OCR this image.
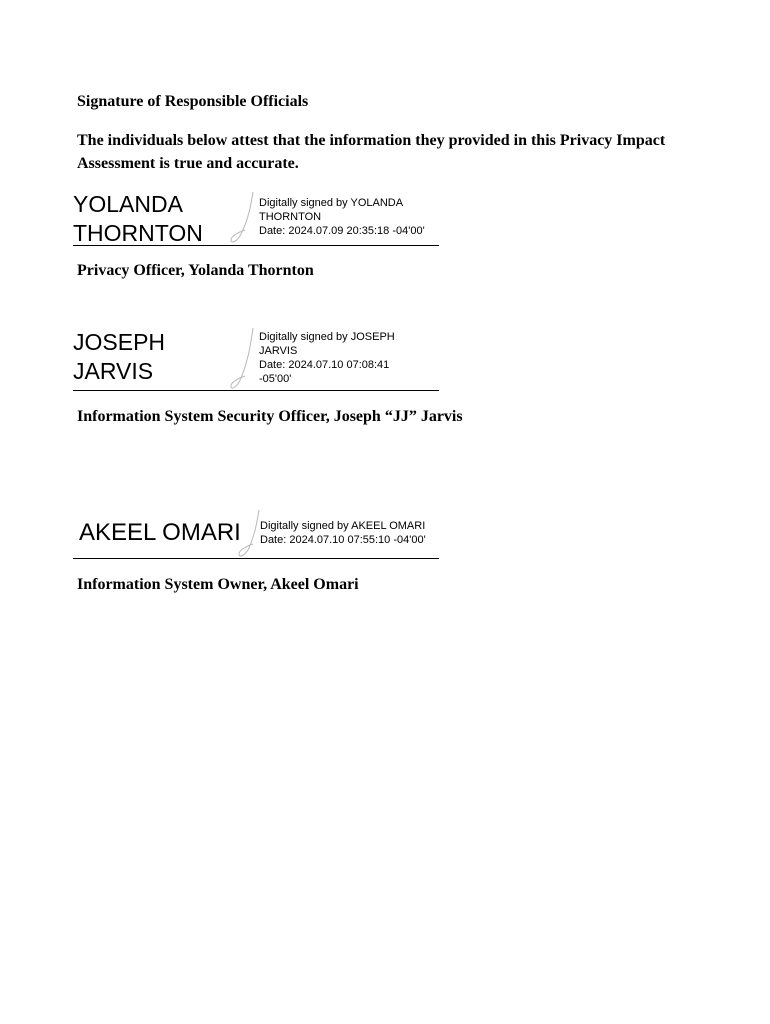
Signature of Responsible Officials
The individuals below attest that the information they provided in this Privacy Impact Assessment is true and accurate.
YOLANDA
THORNTON
Digitally signed by YOLANDA
THORNTON
Date: 2024.07.09 20:35:18 -04'00'
Privacy Officer, Yolanda Thornton
JOSEPH
JARVIS
Digitally signed by JOSEPH
JARVIS
Date: 2024.07.10 07:08:41
-05'00'
Information System Security Officer, Joseph “JJ” Jarvis
AKEEL OMARI Digitally signed by AKEEL OMARI
Date: 2024.07.10 07:55:10 -04'00'
Information System Owner, Akeel Omari
